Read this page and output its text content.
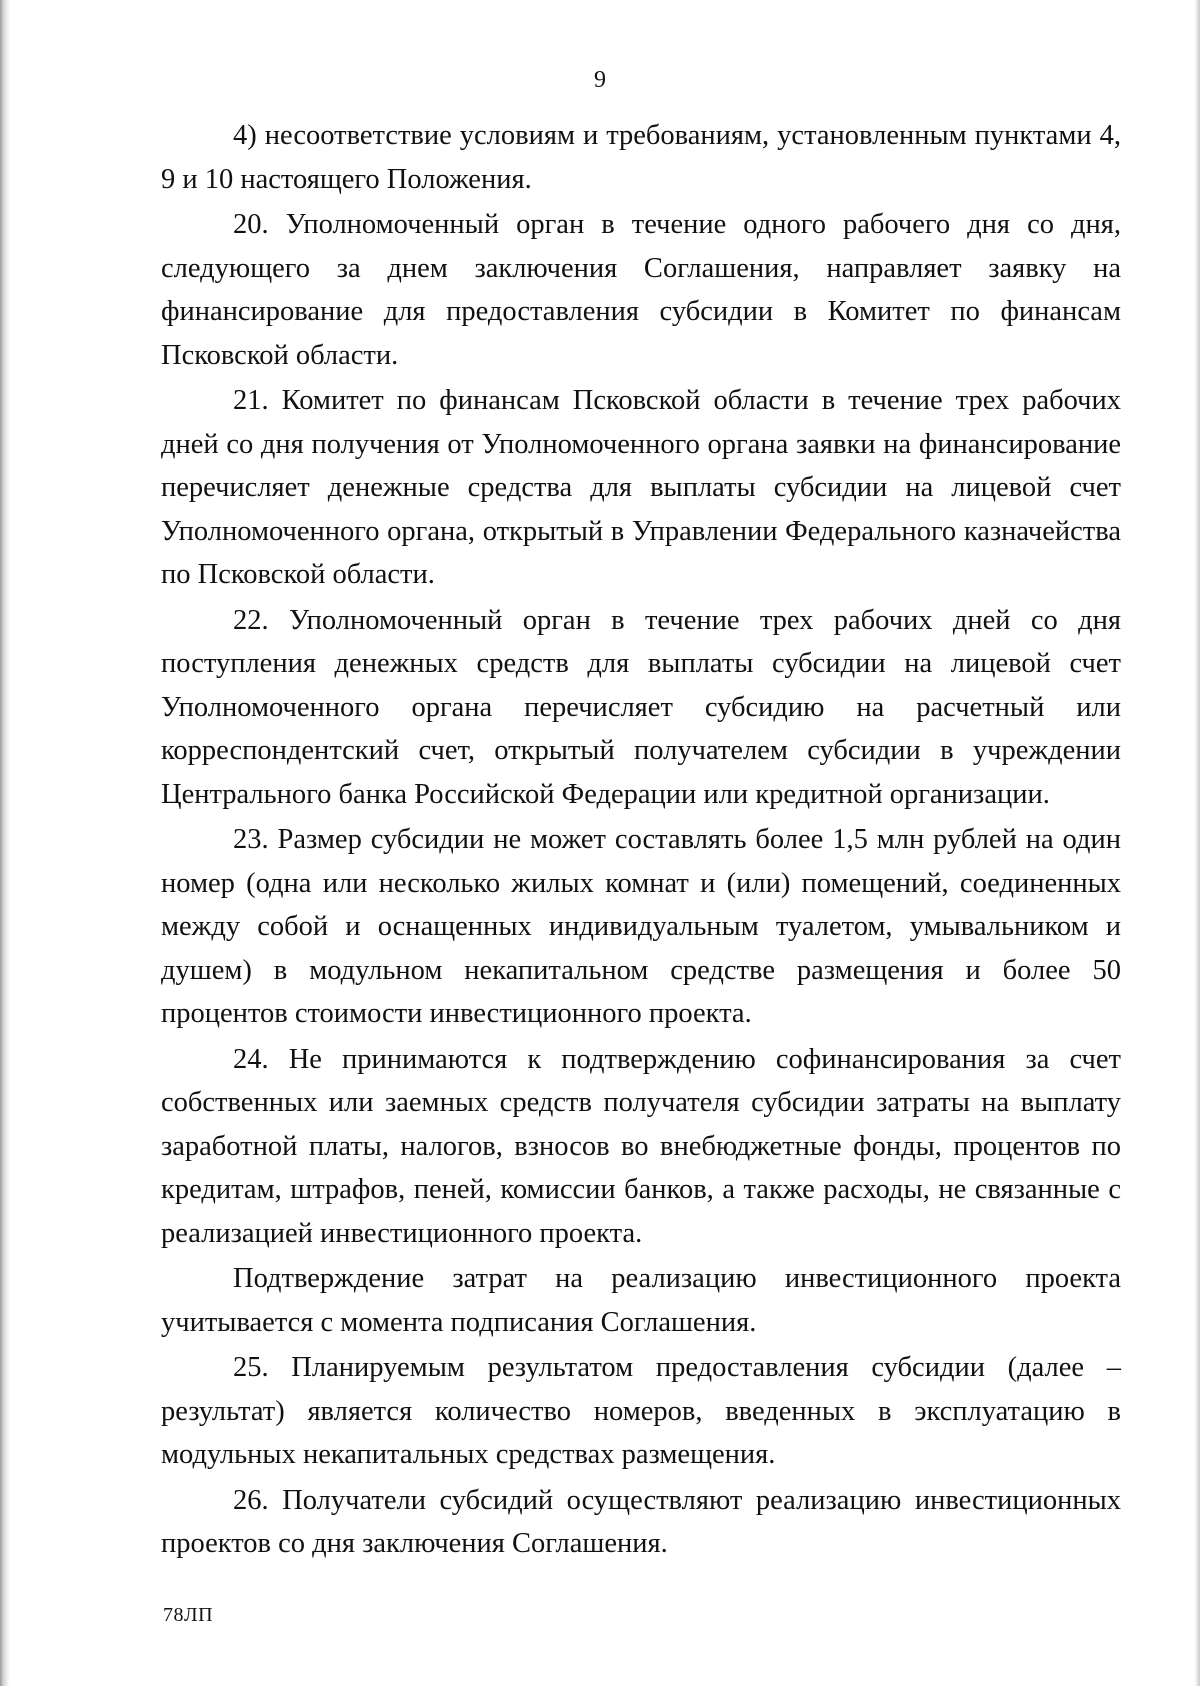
9

4) несоответствие условиям и требованиям, установленным пунктами 4, 9 и 10 настоящего Положения.

20. Уполномоченный орган в течение одного рабочего дня со дня, следующего за днем заключения Соглашения, направляет заявку на финансирование для предоставления субсидии в Комитет по финансам Псковской области.

21. Комитет по финансам Псковской области в течение трех рабочих дней со дня получения от Уполномоченного органа заявки на финансирование перечисляет денежные средства для выплаты субсидии на лицевой счет Уполномоченного органа, открытый в Управлении Федерального казначейства по Псковской области.

22. Уполномоченный орган в течение трех рабочих дней со дня поступления денежных средств для выплаты субсидии на лицевой счет Уполномоченного органа перечисляет субсидию на расчетный или корреспондентский счет, открытый получателем субсидии в учреждении Центрального банка Российской Федерации или кредитной организации.

23. Размер субсидии не может составлять более 1,5 млн рублей на один номер (одна или несколько жилых комнат и (или) помещений, соединенных между собой и оснащенных индивидуальным туалетом, умывальником и душем) в модульном некапитальном средстве размещения и более 50 процентов стоимости инвестиционного проекта.

24. Не принимаются к подтверждению софинансирования за счет собственных или заемных средств получателя субсидии затраты на выплату заработной платы, налогов, взносов во внебюджетные фонды, процентов по кредитам, штрафов, пеней, комиссии банков, а также расходы, не связанные с реализацией инвестиционного проекта.

Подтверждение затрат на реализацию инвестиционного проекта учитывается с момента подписания Соглашения.

25. Планируемым результатом предоставления субсидии (далее – результат) является количество номеров, введенных в эксплуатацию в модульных некапитальных средствах размещения.

26. Получатели субсидий осуществляют реализацию инвестиционных проектов со дня заключения Соглашения.

78ЛП
